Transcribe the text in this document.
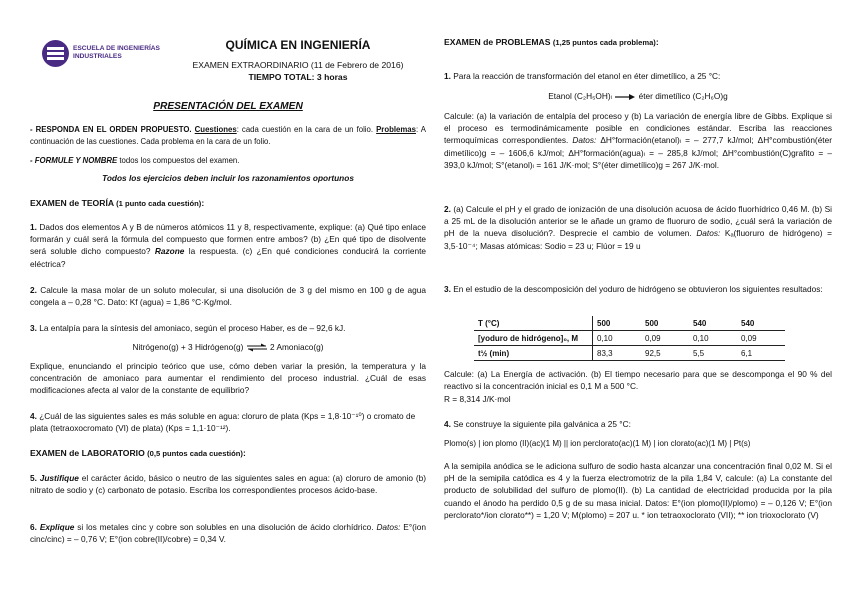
ESCUELA DE INGENIERÍAS
INDUSTRIALES
QUÍMICA EN INGENIERÍA
EXAMEN EXTRAORDINARIO (11 de Febrero de 2016)
TIEMPO TOTAL: 3 horas
PRESENTACIÓN DEL EXAMEN
- RESPONDA EN EL ORDEN PROPUESTO. Cuestiones: cada cuestión en la cara de un folio. Problemas: A continuación de las cuestiones. Cada problema en la cara de un folio.
- FORMULE Y NOMBRE todos los compuestos del examen.
Todos los ejercicios deben incluir los razonamientos oportunos
EXAMEN de TEORÍA (1 punto cada cuestión):
1. Dados dos elementos A y B de números atómicos 11 y 8, respectivamente, explique: (a) Qué tipo enlace formarán y cuál será la fórmula del compuesto que formen entre ambos? (b) ¿En qué tipo de disolvente será soluble dicho compuesto? Razone la respuesta. (c) ¿En qué condiciones conducirá la corriente eléctrica?
2. Calcule la masa molar de un soluto molecular, si una disolución de 3 g del mismo en 100 g de agua congela a – 0,28 °C. Dato: Kf (agua) = 1,86 °C·Kg/mol.
3. La entalpía para la síntesis del amoniaco, según el proceso Haber, es de – 92,6 kJ.
Nitrógeno(g) + 3 Hidrógeno(g) ⇌ 2 Amoniaco(g)
Explique, enunciando el principio teórico que use, cómo deben variar la presión, la temperatura y la concentración de amoniaco para aumentar el rendimiento del proceso industrial. ¿Cuál de esas modificaciones afecta al valor de la constante de equilibrio?
4. ¿Cuál de las siguientes sales es más soluble en agua: cloruro de plata (Kps = 1,8·10⁻¹⁰) o cromato de plata (tetraoxocromato (VI) de plata) (Kps = 1,1·10⁻¹²).
EXAMEN de LABORATORIO (0,5 puntos cada cuestión):
5. Justifique el carácter ácido, básico o neutro de las siguientes sales en agua: (a) cloruro de amonio (b) nitrato de sodio y (c) carbonato de potasio. Escriba los correspondientes procesos ácido-base.
6. Explique si los metales cinc y cobre son solubles en una disolución de ácido clorhídrico. Datos: E°(ion cinc/cinc) = – 0,76 V; E°(ion cobre(II)/cobre) = 0,34 V.
EXAMEN de PROBLEMAS (1,25 puntos cada problema):
1. Para la reacción de transformación del etanol en éter dimetílico, a 25 °C:
Etanol (C₂H₅OH)ₗ → éter dimetílico (C₂H₆O)g
Calcule: (a) la variación de entalpía del proceso y (b) La variación de energía libre de Gibbs. Explique si el proceso es termodinámicamente posible en condiciones estándar. Escriba las reacciones termoquímicas correspondientes. Datos: ΔH°formación(etanol)ₗ = – 277,7 kJ/mol; ΔH°combustión(éter dimetílico)g = – 1606,6 kJ/mol; ΔH°formación(agua)ₗ = – 285,8 kJ/mol; ΔH°combustión(C)grafito = – 393,0 kJ/mol; S°(etanol)ₗ = 161 J/K·mol; S°(éter dimetílico)g = 267 J/K·mol.
2. (a) Calcule el pH y el grado de ionización de una disolución acuosa de ácido fluorhídrico 0,46 M. (b) Si a 25 mL de la disolución anterior se le añade un gramo de fluoruro de sodio, ¿cuál será la variación de pH de la nueva disolución?. Desprecie el cambio de volumen. Datos: Kₐ(fluoruro de hidrógeno) = 3,5·10⁻⁴; Masas atómicas: Sodio = 23 u; Flúor = 19 u
3. En el estudio de la descomposición del yoduro de hidrógeno se obtuvieron los siguientes resultados:
T (°C)	500	500	540	540
[yoduro de hidrógeno]₀, M	0,10	0,09	0,10	0,09
t½ (min)	83,3	92,5	5,5	6,1
Calcule: (a) La Energía de activación. (b) El tiempo necesario para que se descomponga el 90 % del reactivo si la concentración inicial es 0,1 M a 500 °C.
R = 8,314 J/K·mol
4. Se construye la siguiente pila galvánica a 25 °C:
Plomo(s) | ion plomo (II)(ac)(1 M) || ion perclorato(ac)(1 M) | ion clorato(ac)(1 M) | Pt(s)
A la semipila anódica se le adiciona sulfuro de sodio hasta alcanzar una concentración final 0,02 M. Si el pH de la semipila catódica es 4 y la fuerza electromotriz de la pila 1,84 V, calcule: (a) La constante del producto de solubilidad del sulfuro de plomo(II). (b) La cantidad de electricidad producida por la pila cuando el ánodo ha perdido 0,5 g de su masa inicial. Datos: E°(ion plomo(II)/plomo) = – 0,126 V; E°(ion perclorato*/ion clorato**) = 1,20 V; M(plomo) = 207 u. * ion tetraoxoclorato (VII); ** ion trioxoclorato (V)
